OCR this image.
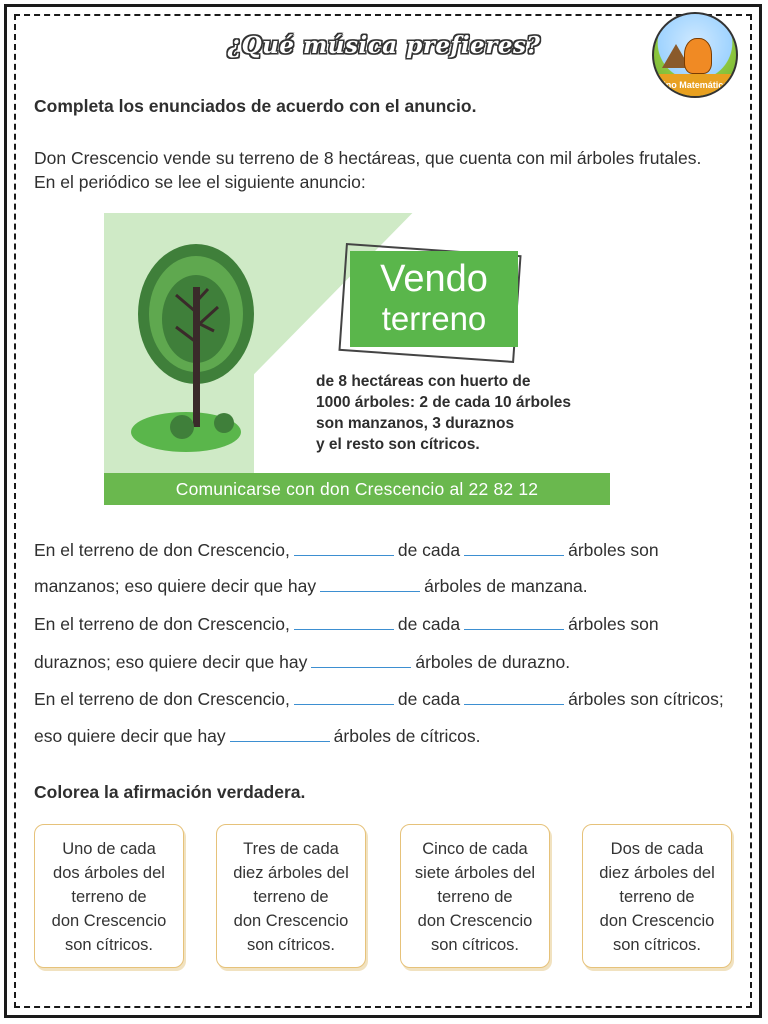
¿Qué música prefieres?
Dino Matemáticas
Completa los enunciados de acuerdo con el anuncio.
Don Crescencio vende su terreno de 8 hectáreas, que cuenta con mil árboles frutales.
En el periódico se lee el siguiente anuncio:
Vendo
terreno
de 8 hectáreas con huerto de
1000 árboles: 2 de cada 10 árboles
son manzanos, 3 duraznos
y el resto son cítricos.
Comunicarse con don Crescencio al 22 82 12
En el terreno de don Crescencio,	de cada	árboles son
manzanos; eso quiere decir que hay	árboles de manzana.
En el terreno de don Crescencio,	de cada	árboles son
duraznos; eso quiere decir que hay	árboles de durazno.
En el terreno de don Crescencio,	de cada	árboles son cítricos;
eso quiere decir que hay	árboles de cítricos.
Colorea la afirmación verdadera.
Uno de cada
dos árboles del
terreno de
don Crescencio
son cítricos.
Tres de cada
diez árboles del
terreno de
don Crescencio
son cítricos.
Cinco de cada
siete árboles del
terreno de
don Crescencio
son cítricos.
Dos de cada
diez árboles del
terreno de
don Crescencio
son cítricos.
